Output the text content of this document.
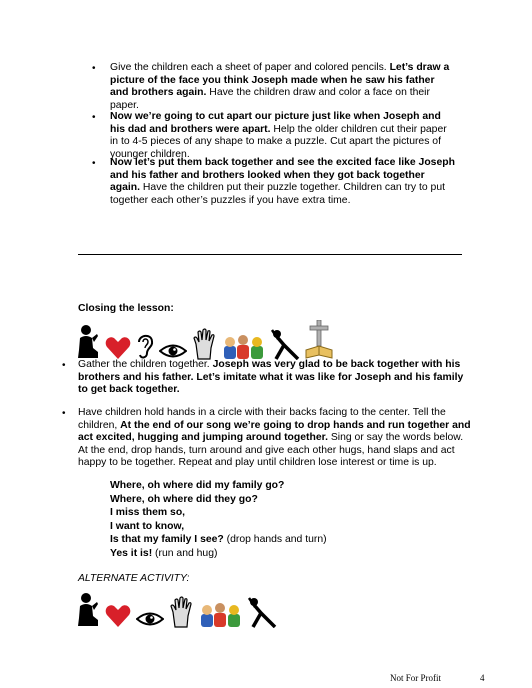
• Give the children each a sheet of paper and colored pencils. Let’s draw a picture of the face you think Joseph made when he saw his father and brothers again. Have the children draw and color a face on their paper.
• Now we’re going to cut apart our picture just like when Joseph and his dad and brothers were apart. Help the older children cut their paper in to 4-5 pieces of any shape to make a puzzle. Cut apart the pictures of younger children.
• Now let’s put them back together and see the excited face like Joseph and his father and brothers looked when they got back together again. Have the children put their puzzle together. Children can try to put together each other’s puzzles if you have extra time.
Closing the lesson:
• Gather the children together. Joseph was very glad to be back together with his brothers and his father. Let’s imitate what it was like for Joseph and his family to get back together.
• Have children hold hands in a circle with their backs facing to the center. Tell the children, At the end of our song we’re going to drop hands and run together and act excited, hugging and jumping around together. Sing or say the words below. At the end, drop hands, turn around and give each other hugs, hand slaps and act happy to be together. Repeat and play until children lose interest or time is up.
Where, oh where did my family go?
Where, oh where did they go?
I miss them so,
I want to know,
Is that my family I see? (drop hands and turn)
Yes it is! (run and hug)
ALTERNATE ACTIVITY:
Not For Profit	4
